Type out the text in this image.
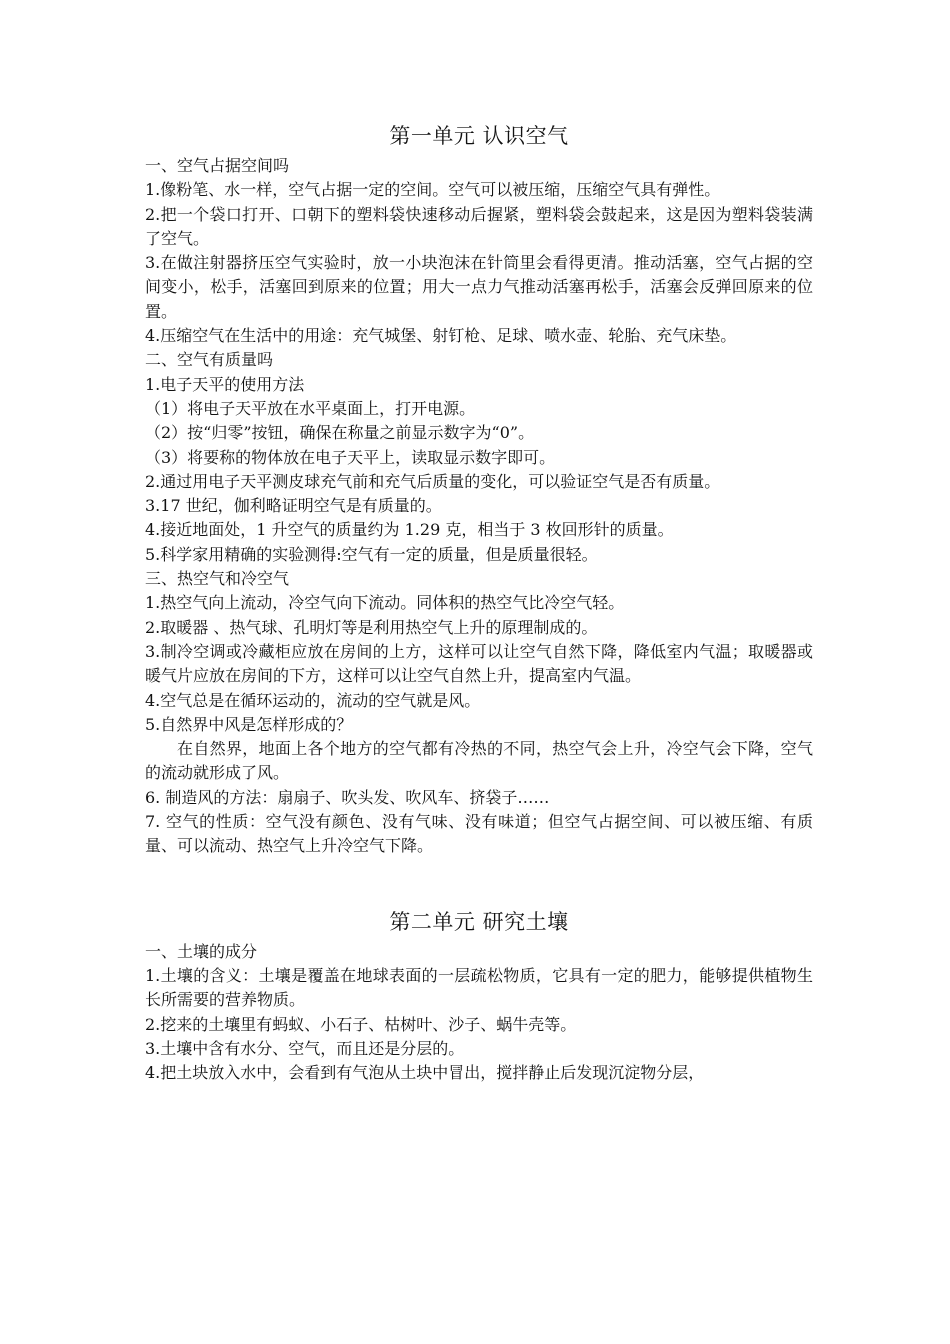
第一单元 认识空气

一、空气占据空间吗

1.像粉笔、水一样，空气占据一定的空间。空气可以被压缩，压缩空气具有弹性。

2.把一个袋口打开、口朝下的塑料袋快速移动后握紧，塑料袋会鼓起来，这是因为塑料袋装满了空气。

3.在做注射器挤压空气实验时，放一小块泡沫在针筒里会看得更清。推动活塞，空气占据的空间变小，松手，活塞回到原来的位置；用大一点力气推动活塞再松手，活塞会反弹回原来的位置。

4.压缩空气在生活中的用途：充气城堡、射钉枪、足球、喷水壶、轮胎、充气床垫。

二、空气有质量吗

1.电子天平的使用方法

（1）将电子天平放在水平桌面上，打开电源。

（2）按“归零”按钮，确保在称量之前显示数字为“0”。

（3）将要称的物体放在电子天平上，读取显示数字即可。

2.通过用电子天平测皮球充气前和充气后质量的变化，可以验证空气是否有质量。

3.17 世纪，伽利略证明空气是有质量的。

4.接近地面处，1 升空气的质量约为 1.29 克，相当于 3 枚回形针的质量。

5.科学家用精确的实验测得:空气有一定的质量，但是质量很轻。

三、热空气和冷空气

1.热空气向上流动，冷空气向下流动。同体积的热空气比冷空气轻。

2.取暖器 、热气球、孔明灯等是利用热空气上升的原理制成的。

3.制冷空调或冷藏柜应放在房间的上方，这样可以让空气自然下降，降低室内气温；取暖器或暖气片应放在房间的下方，这样可以让空气自然上升，提高室内气温。

4.空气总是在循环运动的，流动的空气就是风。

5.自然界中风是怎样形成的？

在自然界，地面上各个地方的空气都有冷热的不同，热空气会上升，冷空气会下降，空气的流动就形成了风。

6. 制造风的方法：扇扇子、吹头发、吹风车、挤袋子……

7. 空气的性质：空气没有颜色、没有气味、没有味道；但空气占据空间、可以被压缩、有质量、可以流动、热空气上升冷空气下降。

第二单元 研究土壤

一、土壤的成分

1.土壤的含义：土壤是覆盖在地球表面的一层疏松物质，它具有一定的肥力，能够提供植物生长所需要的营养物质。

2.挖来的土壤里有蚂蚁、小石子、枯树叶、沙子、蜗牛壳等。

3.土壤中含有水分、空气，而且还是分层的。

4.把土块放入水中，会看到有气泡从土块中冒出，搅拌静止后发现沉淀物分层，
